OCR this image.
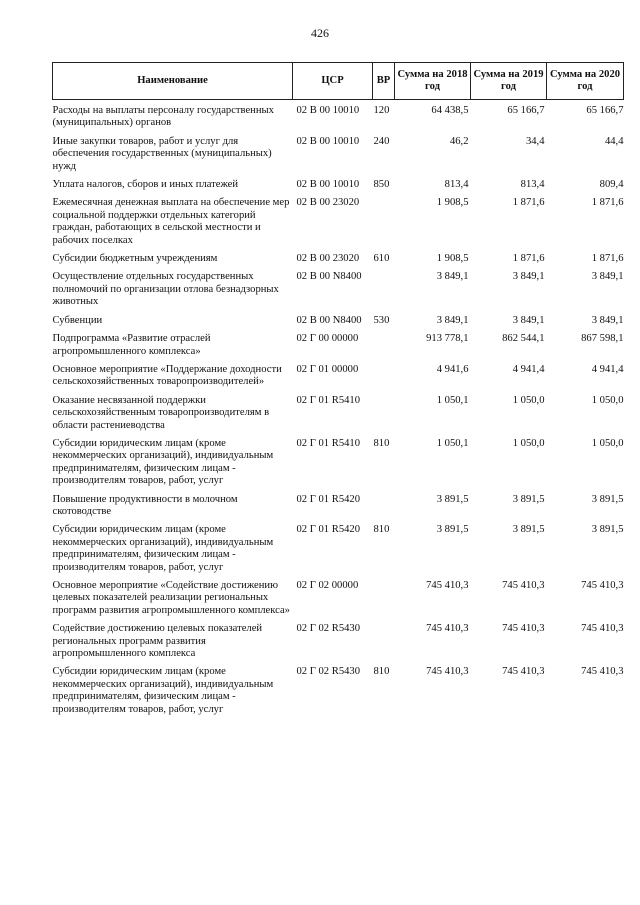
426
Наименование	ЦСР	ВР	Сумма на 2018 год	Сумма на 2019 год	Сумма на 2020 год
Расходы на выплаты персоналу государственных (муниципальных) органов	02 В 00 10010	120	64 438,5	65 166,7	65 166,7
Иные закупки товаров, работ и услуг для обеспечения государственных (муниципальных) нужд	02 В 00 10010	240	46,2	34,4	44,4
Уплата налогов, сборов и иных платежей	02 В 00 10010	850	813,4	813,4	809,4
Ежемесячная денежная выплата на обеспечение мер социальной поддержки отдельных категорий граждан, работающих в сельской местности и рабочих поселках	02 В 00 23020		1 908,5	1 871,6	1 871,6
Субсидии бюджетным учреждениям	02 В 00 23020	610	1 908,5	1 871,6	1 871,6
Осуществление отдельных государственных полномочий по организации отлова безнадзорных животных	02 В 00 N8400		3 849,1	3 849,1	3 849,1
Субвенции	02 В 00 N8400	530	3 849,1	3 849,1	3 849,1
Подпрограмма «Развитие отраслей агропромышленного комплекса»	02 Г 00 00000		913 778,1	862 544,1	867 598,1
Основное мероприятие «Поддержание доходности сельскохозяйственных товаропроизводителей»	02 Г 01 00000		4 941,6	4 941,4	4 941,4
Оказание несвязанной поддержки сельскохозяйственным товаропроизводителям в области растениеводства	02 Г 01 R5410		1 050,1	1 050,0	1 050,0
Субсидии юридическим лицам (кроме некоммерческих организаций), индивидуальным предпринимателям, физическим лицам - производителям товаров, работ, услуг	02 Г 01 R5410	810	1 050,1	1 050,0	1 050,0
Повышение продуктивности в молочном скотоводстве	02 Г 01 R5420		3 891,5	3 891,5	3 891,5
Субсидии юридическим лицам (кроме некоммерческих организаций), индивидуальным предпринимателям, физическим лицам - производителям товаров, работ, услуг	02 Г 01 R5420	810	3 891,5	3 891,5	3 891,5
Основное мероприятие «Содействие достижению целевых показателей реализации региональных программ развития агропромышленного комплекса»	02 Г 02 00000		745 410,3	745 410,3	745 410,3
Содействие достижению целевых показателей региональных программ развития агропромышленного комплекса	02 Г 02 R5430		745 410,3	745 410,3	745 410,3
Субсидии юридическим лицам (кроме некоммерческих организаций), индивидуальным предпринимателям, физическим лицам - производителям товаров, работ, услуг	02 Г 02 R5430	810	745 410,3	745 410,3	745 410,3
